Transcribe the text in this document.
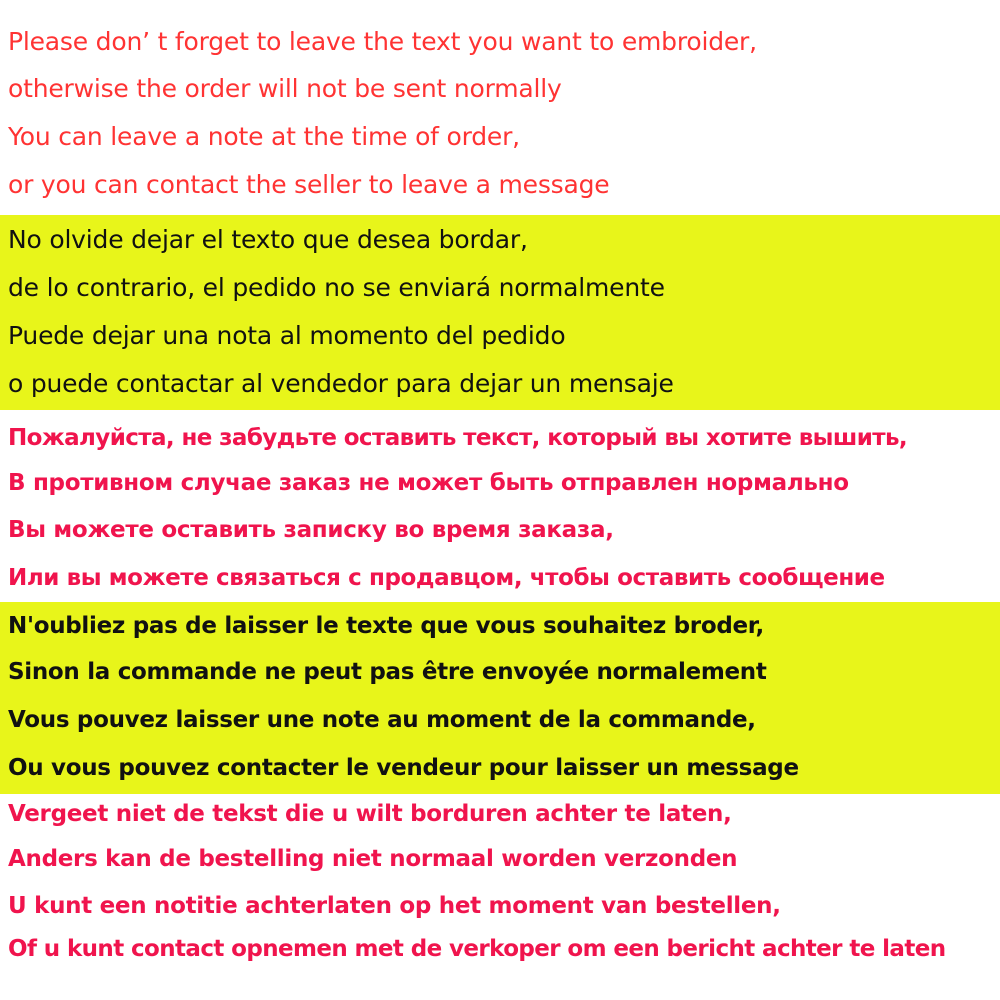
Please don’ t forget to leave the text you want to embroider,
otherwise the order will not be sent normally
You can leave a note at the time of order,
or you can contact the seller to leave a message
No olvide dejar el texto que desea bordar,
de lo contrario, el pedido no se enviará normalmente
Puede dejar una nota al momento del pedido
o puede contactar al vendedor para dejar un mensaje
Пожалуйста, не забудьте оставить текст, который вы хотите вышить,
В противном случае заказ не может быть отправлен нормально
Вы можете оставить записку во время заказа,
Или вы можете связаться с продавцом, чтобы оставить сообщение
N'oubliez pas de laisser le texte que vous souhaitez broder,
Sinon la commande ne peut pas être envoyée normalement
Vous pouvez laisser une note au moment de la commande,
Ou vous pouvez contacter le vendeur pour laisser un message
Vergeet niet de tekst die u wilt borduren achter te laten,
Anders kan de bestelling niet normaal worden verzonden
U kunt een notitie achterlaten op het moment van bestellen,
Of u kunt contact opnemen met de verkoper om een bericht achter te laten
